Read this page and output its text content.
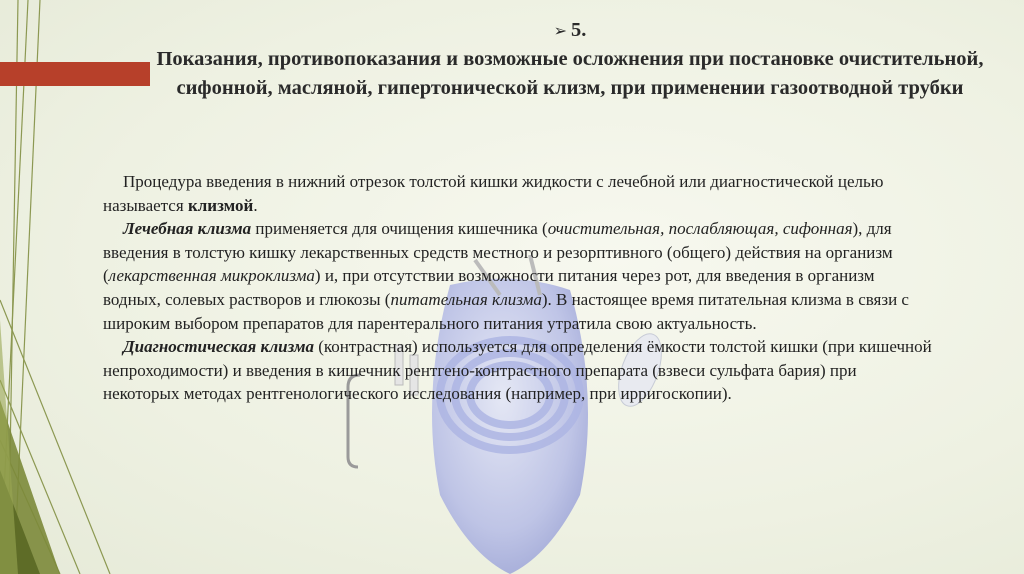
➢ 5.
Показания, противопоказания и возможные осложнения при постановке очистительной, сифонной, масляной, гипертонической клизм, при применении газоотводной трубки

Процедура введения в нижний отрезок толстой кишки жидкости с лечебной или диагностической целью называется клизмой.

Лечебная клизма применяется для очищения кишечника (очистительная, послабляющая, сифонная), для введения в толстую кишку лекарственных средств местного и резорптивного (общего) действия на организм (лекарственная микроклизма) и, при отсутствии возможности питания через рот, для введения в организм водных, солевых растворов и глюкозы (питательная клизма). В настоящее время питательная клизма в связи с широким выбором препаратов для парентерального питания утратила свою актуальность.

Диагностическая клизма (контрастная) используется для определения ёмкости толстой кишки (при кишечной непроходимости) и введения в кишечник рентгено-контрастного препарата (взвеси сульфата бария) при некоторых методах рентгенологического исследования (например, при ирригоскопии).
